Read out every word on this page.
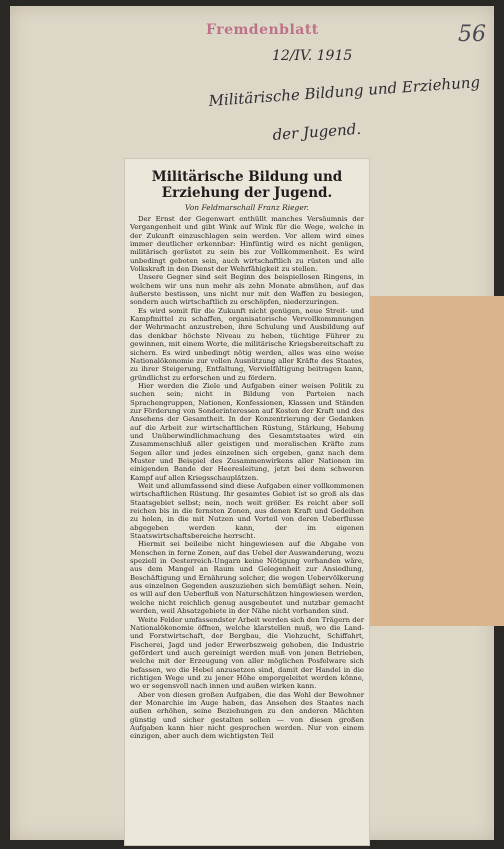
Fremdenblatt	56
12/IV. 1915
Militärische Bildung und Erziehung
der Jugend.
Militärische Bildung und Erziehung der Jugend.
Von Feldmarschall Franz Rieger.

Der Ernst der Gegenwart enthüllt manches Versäumnis der Vergangenheit und gibt Wink auf Wink für die Wege, welche in der Zukunft einzuschlagen sein werden. Vor allem wird eines immer deutlicher erkennbar: Hinfüntig wird es nicht genügen, militärisch gerüstet zu sein bis zur Vollkommenheit. Es wird unbedingt geboten sein, auch wirtschaftlich zu rüsten und alle Volkskraft in den Dienst der Wehrfähigkeit zu stellen.

Unsere Gegner sind seit Beginn des beispiellosen Ringens, in welchem wir uns nun mehr als zehn Monate abmühen, auf das äußerste bestissen, uns nicht nur mit den Waffen zu besiegen, sondern auch wirtschaftlich zu erschöpfen, niederzuringen.

Es wird somit für die Zukunft nicht genügen, neue Streit- und Kampfmittel zu schaffen, organisatorische Vervollkommnungen der Wehrmacht anzustreben, ihre Schulung und Ausbildung auf das denkbar höchste Niveau zu heben, tüchtige Führer zu gewinnen, mit einem Worte, die militärische Kriegsbereitschaft zu sichern. Es wird unbedingt nötig werden, alles was eine weise Nationalökonomie zur vollen Ausnützung aller Kräfte des Staates, zu ihrer Steigerung, Entfaltung, Vervielfältigung beitragen kann, gründlichst zu erforschen und zu fördern.

Hier werden die Ziele und Aufgaben einer weisen Politik zu suchen sein; nicht in Bildung von Parteien nach Sprachengruppen, Nationen, Konfessionen, Klassen und Ständen zur Förderung von Sonderinteressen auf Kosten der Kraft und des Ansehens der Gesamtheit. In der Konzentrierung der Gedanken auf die Arbeit zur wirtschaftlichen Rüstung, Stärkung, Hebung und Unüberwindlichmachung des Gesamtstaates wird ein Zusammenschluß aller geistigen und moralischen Kräfte zum Segen aller und jedes einzelnen sich ergeben, ganz nach dem Muster und Beispiel des Zusammenwirkens aller Nationen im einigenden Bande der Heeresleitung, jetzt bei dem schweren Kampf auf allen Kriegsschauplätzen.

Weit und allumfassend sind diese Aufgaben einer vollkommenen wirtschaftlichen Rüstung. Ihr gesamtes Gebiet ist so groß als das Staatsgebiet selbst; nein, noch weit größer. Es reicht aber soll reichen bis in die fernsten Zonen, aus denen Kraft und Gedeihen zu holen, in die mit Nutzen und Vorteil von deren Ueberflusse abgegeben werden kann, der im eigenen Staatswirtschaftsbereiche herrscht.

Hiermit sei beileibe nicht hingewiesen auf die Abgabe von Menschen in ferne Zonen, auf das Uebel der Auswanderung, wozu speziell in Oesterreich-Ungarn keine Nötigung vorhanden wäre, aus dem Mangel an Raum und Gelegenheit zur Ansiedlung, Beschäftigung und Ernährung solcher, die wegen Uebervölkerung aus einzelnen Gegenden auszuziehen sich bemüßigt sehen. Nein, es will auf den Ueberfluß von Naturschätzen hingewiesen werden, welche nicht reichlich genug ausgebeutet und nutzbar gemacht werden, weil Absatzgebiete in der Nähe nicht vorhanden sind.

Weite Felder umfassendster Arbeit werden sich den Trägern der Nationalökonomie öffnen, welche klarstellen muß, wo die Land- und Forstwirtschaft, der Bergbau, die Viehzucht, Schiffahrt, Fischerei, Jagd und jeder Erwerbszweig gehoben, die Industrie gefördert und auch gereinigt werden muß von jenen Betrieben, welche mit der Erzeugung von aller möglichen Posfelware sich befassen, wo die Hebel anzusetzen sind, damit der Handel in die richtigen Wege und zu jener Höhe emporgeleitet werden könne, wo er segensvoll nach innen und außen wirken kann.

Aber von diesen großen Aufgaben, die das Wohl der Bewohner der Monarchie im Auge haben, das Ansehen des Staates nach außen erhöhen, seine Beziehungen zu den anderen Mächten günstig und sicher gestalten sollen — von diesen großen Aufgaben kann hier nicht gesprochen werden. Nur von einem einzigen, aber auch dem wichtigsten Teil
